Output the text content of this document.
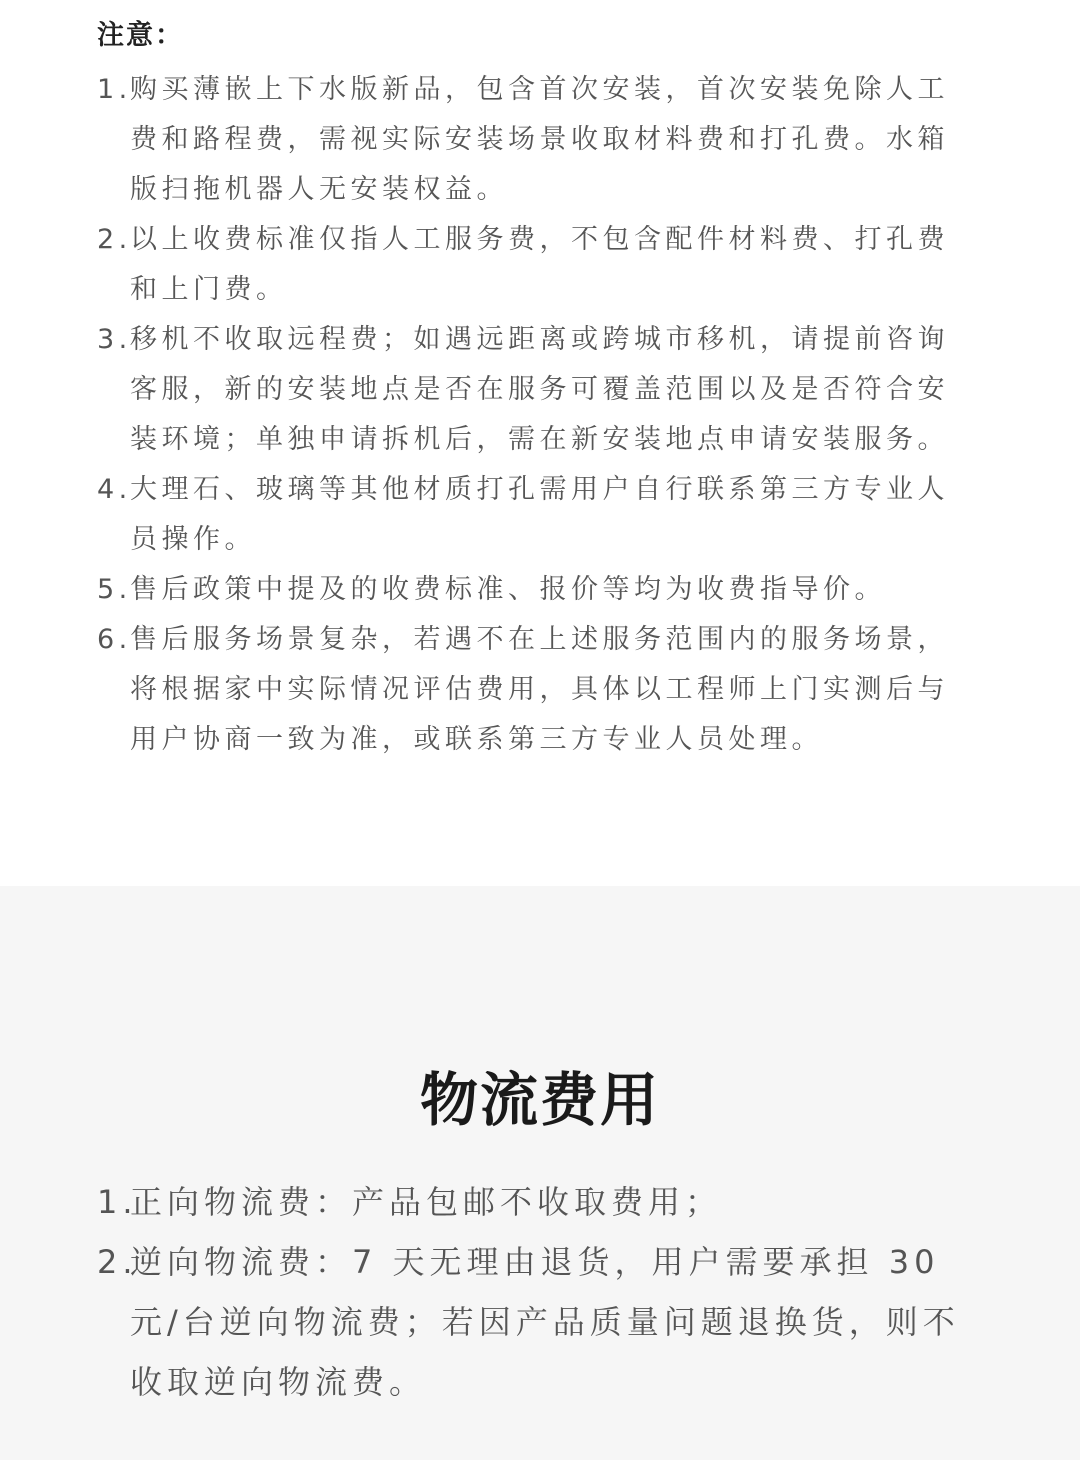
注意：
1.
购买薄嵌上下水版新品，包含首次安装，首次安装免除人工费和路程费，需视实际安装场景收取材料费和打孔费。水箱版扫拖机器人无安装权益。
2.
以上收费标准仅指人工服务费，不包含配件材料费、打孔费和上门费。
3.
移机不收取远程费；如遇远距离或跨城市移机，请提前咨询客服，新的安装地点是否在服务可覆盖范围以及是否符合安装环境；单独申请拆机后，需在新安装地点申请安装服务。
4.
大理石、玻璃等其他材质打孔需用户自行联系第三方专业人员操作。
5.
售后政策中提及的收费标准、报价等均为收费指导价。
6.
售后服务场景复杂，若遇不在上述服务范围内的服务场景，将根据家中实际情况评估费用，具体以工程师上门实测后与用户协商一致为准，或联系第三方专业人员处理。
物流费用
1.
正向物流费：产品包邮不收取费用；
2.
逆向物流费：7 天无理由退货，用户需要承担 30 元/台逆向物流费；若因产品质量问题退换货，则不收取逆向物流费。
